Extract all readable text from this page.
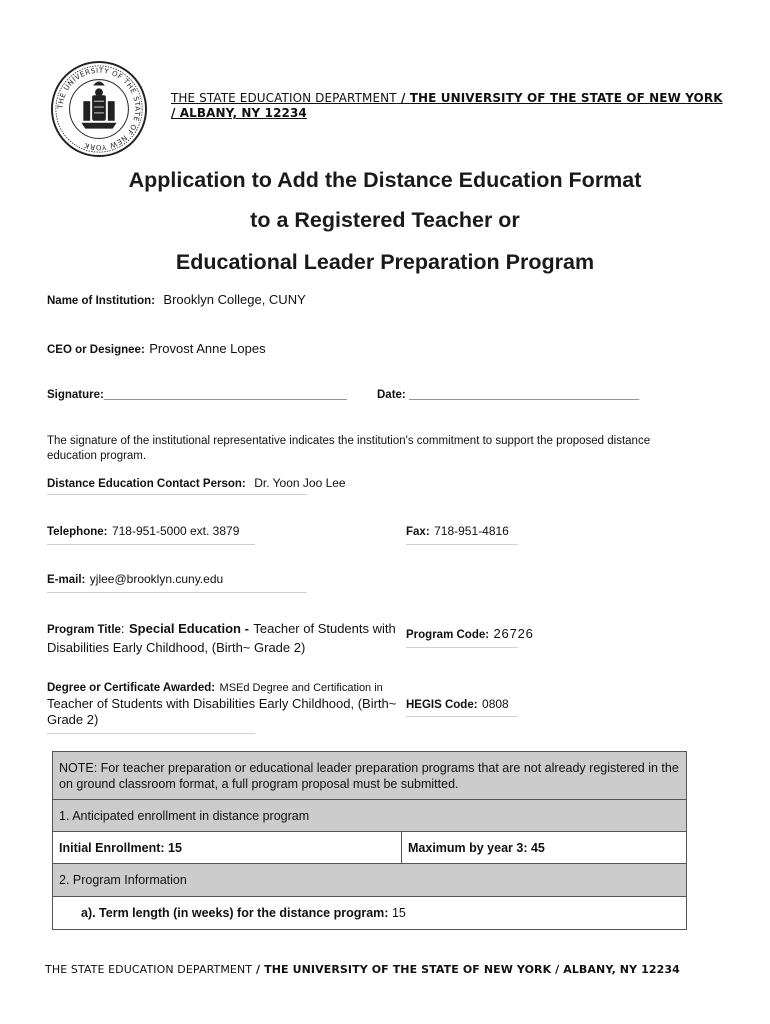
THE UNIVERSITY OF THE STATE OF NEW YORK
THE STATE EDUCATION DEPARTMENT / THE UNIVERSITY OF THE STATE OF NEW YORK / ALBANY, NY 12234
Application to Add the Distance Education Format
to a Registered Teacher or
Educational Leader Preparation Program
Name of Institution: Brooklyn College, CUNY
CEO or Designee: Provost Anne Lopes
Signature:______________________________________	Date: ____________________________________
The signature of the institutional representative indicates the institution's commitment to support the proposed distance education program.
Distance Education Contact Person: Dr. Yoon Joo Lee
Telephone: 718-951-5000 ext. 3879	Fax: 718-951-4816
E-mail: yjlee@brooklyn.cuny.edu
Program Title: Special Education - Teacher of Students with Disabilities Early Childhood, (Birth~ Grade 2)
Program Code: 26726
Degree or Certificate Awarded: MSEd Degree and Certification in Teacher of Students with Disabilities Early Childhood, (Birth~ Grade 2)
HEGIS Code: 0808
NOTE: For teacher preparation or educational leader preparation programs that are not already registered in the on ground classroom format, a full program proposal must be submitted.
1. Anticipated enrollment in distance program
Initial Enrollment: 15	Maximum by year 3: 45
2. Program Information
a). Term length (in weeks) for the distance program: 15
THE STATE EDUCATION DEPARTMENT / THE UNIVERSITY OF THE STATE OF NEW YORK / ALBANY, NY 12234
